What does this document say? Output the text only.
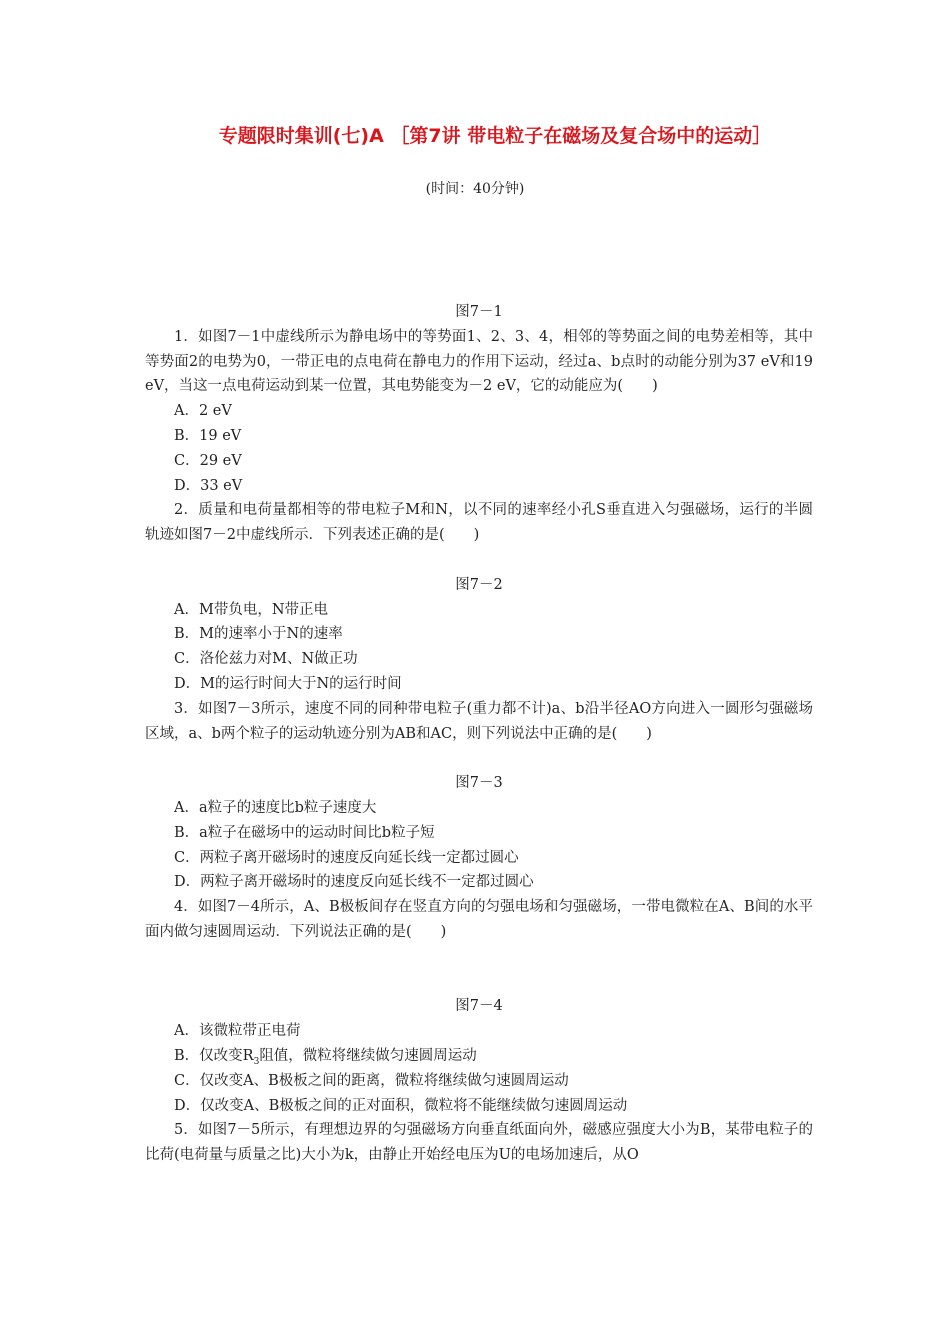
专题限时集训(七)A ［第7讲 带电粒子在磁场及复合场中的运动］
(时间：40分钟)

图7－1

1．如图7－1中虚线所示为静电场中的等势面1、2、3、4，相邻的等势面之间的电势差相等，其中等势面2的电势为0，一带正电的点电荷在静电力的作用下运动，经过a、b点时的动能分别为37 eV和19 eV，当这一点电荷运动到某一位置，其电势能变为－2 eV，它的动能应为(　　)

A．2 eV

B．19 eV

C．29 eV

D．33 eV

2．质量和电荷量都相等的带电粒子M和N，以不同的速率经小孔S垂直进入匀强磁场，运行的半圆轨迹如图7－2中虚线所示．下列表述正确的是(　　)

图7－2

A．M带负电，N带正电

B．M的速率小于N的速率

C．洛伦兹力对M、N做正功

D．M的运行时间大于N的运行时间

3．如图7－3所示，速度不同的同种带电粒子(重力都不计)a、b沿半径AO方向进入一圆形匀强磁场区域，a、b两个粒子的运动轨迹分别为AB和AC，则下列说法中正确的是(　　)

图7－3

A．a粒子的速度比b粒子速度大

B．a粒子在磁场中的运动时间比b粒子短

C．两粒子离开磁场时的速度反向延长线一定都过圆心

D．两粒子离开磁场时的速度反向延长线不一定都过圆心

4．如图7－4所示，A、B极板间存在竖直方向的匀强电场和匀强磁场，一带电微粒在A、B间的水平面内做匀速圆周运动．下列说法正确的是(　　)

图7－4

A．该微粒带正电荷

B．仅改变$R_3$阻值，微粒将继续做匀速圆周运动

C．仅改变A、B极板之间的距离，微粒将继续做匀速圆周运动

D．仅改变A、B极板之间的正对面积，微粒将不能继续做匀速圆周运动

5．如图7－5所示，有理想边界的匀强磁场方向垂直纸面向外，磁感应强度大小为B，某带电粒子的比荷(电荷量与质量之比)大小为k，由静止开始经电压为U的电场加速后，从O
